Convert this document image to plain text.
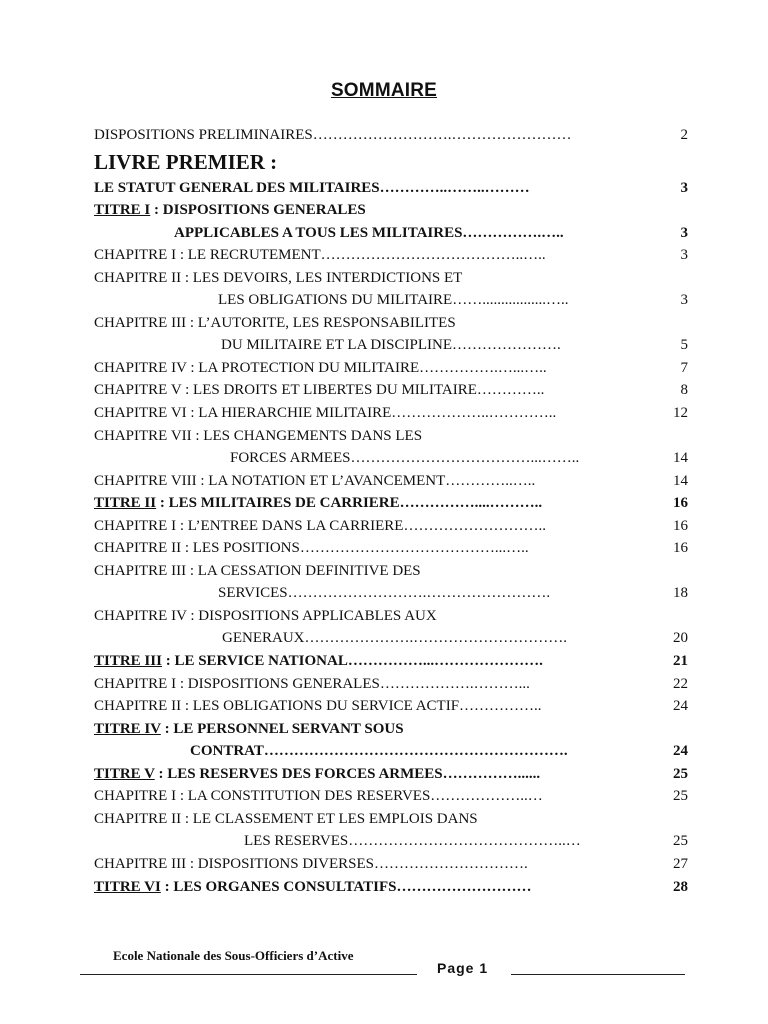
SOMMAIRE
DISPOSITIONS PRELIMINAIRES……………………….……………………	2
LIVRE PREMIER :
LE STATUT GENERAL DES MILITAIRES…………..……..………	3
TITRE I : DISPOSITIONS GENERALES
APPLICABLES A TOUS LES MILITAIRES…………….…..	3
CHAPITRE I : LE RECRUTEMENT…………………………………..…..	3
CHAPITRE II : LES DEVOIRS, LES INTERDICTIONS ET
LES OBLIGATIONS DU MILITAIRE…….................…..	3
CHAPITRE III : L’AUTORITE, LES RESPONSABILITES
DU MILITAIRE ET LA DISCIPLINE………………….	5
CHAPITRE IV : LA PROTECTION DU MILITAIRE…………….…...…..	7
CHAPITRE V : LES DROITS ET LIBERTES DU MILITAIRE…………..	8
CHAPITRE VI : LA HIERARCHIE MILITAIRE………………..…………..	12
CHAPITRE VII : LES CHANGEMENTS DANS LES
FORCES ARMEES………………………………...……..	14
CHAPITRE VIII : LA NOTATION ET L’AVANCEMENT…………..…..	14
TITRE II : LES MILITAIRES DE CARRIERE……………....………..	16
CHAPITRE I : L’ENTREE DANS LA CARRIERE………………………..	16
CHAPITRE II : LES POSITIONS…………………………………...…..	16
CHAPITRE III : LA CESSATION DEFINITIVE DES
SERVICES……………………….…………………….	18
CHAPITRE IV : DISPOSITIONS APPLICABLES AUX
GENERAUX………………….………………………….	20
TITRE III : LE SERVICE NATIONAL……………...………………….	21
CHAPITRE I : DISPOSITIONS GENERALES……………….………...	22
CHAPITRE II : LES OBLIGATIONS DU SERVICE ACTIF……………..	24
TITRE IV : LE PERSONNEL SERVANT SOUS
CONTRAT…………………………………………………….	24
TITRE V : LES RESERVES DES FORCES ARMEES……………......	25
CHAPITRE I : LA CONSTITUTION DES RESERVES………………..…	25
CHAPITRE II : LE CLASSEMENT ET LES EMPLOIS DANS
LES RESERVES……………………………………..…	25
CHAPITRE III : DISPOSITIONS DIVERSES………………………….	27
TITRE VI : LES ORGANES CONSULTATIFS………………………	28
Ecole Nationale des Sous-Officiers d’Active
Page 1
